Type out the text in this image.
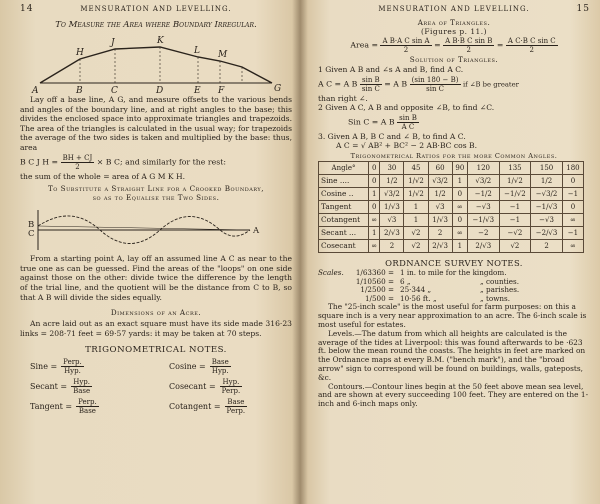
14	MENSURATION AND LEVELLING.

To Measure the Area where Boundary Irregular.

H
J	K
L M
A	B	C	D	E F	G

Lay off a base line, A G, and measure offsets to the various bends and angles of the boundary line, and at right angles to the base; this divides the enclosed space into approximate triangles and trapezoids. The area of the triangles is calculated in the usual way; for trapezoids the average of the two sides is taken and multiplied by the base: thus, area

B C J $H = \frac{BH + CJ}{2} \times B$ C; and similarly for the rest:

the sum of the whole = area of A G M K H.

To Substitute a Straight Line for a Crooked Boundary,

so as to Equalise the Two Sides.

B
C	A

From a starting point A, lay off an assumed line A C as near to the true one as can be guessed. Find the areas of the "loops" on one side against those on the other: divide twice the difference by the length of the trial line, and the quotient will be the distance from C to B, so that A B will divide the sides equally.

Dimensions of an Acre.

An acre laid out as an exact square must have its side made 316·23 links = 208·71 feet = 69·57 yards: it may be taken at 70 steps.

TRIGONOMETRICAL NOTES.

Sine = $\frac{\text{Perp.}}{\text{Hyp.}}$	$Cosine = \frac{\text{Base}}{\text{Hyp.}}$
Secant = $\frac{\text{Hyp.}}{\text{Base}}$	Cosecant = $\frac{\text{Hyp.}}{\text{Perp.}}$
Tangent = $\frac{\text{Perp.}}{\text{Base}}$	Cotangent = $\frac{\text{Base}}{\text{Perp.}}$
MENSURATION AND LEVELLING.	15

Area of Triangles.

(Figures p. 11.)

Area = $\frac{\text{A B·A C sin A}}{2} = \frac{\text{A B·B C sin B}}{2} = \frac{\text{A C·B C sin C}}{2}$

Solution of Triangles.

1 Given A B and ∠s A and B, find A C.

A C = A B $\frac{\text{sin B}}{\text{sin C}} = A$ B $\frac{(\sin 180 - B)}{\text{sin C}}$ if ∠B be greater

than right ∠.

2 Given A C, A B and opposite ∠B, to find ∠C.

Sin C = A B $\frac{\text{sin B}}{\text{A C}}$

3. Given A B, B C and ∠ B, to find A C.

A C = √ AB² + BC² − 2 AB·BC cos B.

Trigonometrical Ratios for the more Common Angles.

Angle°	0	30	45	60	90	120	135	150	180
Sine ....	0	1/2	1/√2	√3/2	1	√3/2	1/√2	1/2	0
Cosine ..	1	√3/2	1/√2	1/2	0	−1/2	−1/√2	−√3/2	−1
Tangent	0	1/√3	1	√3	∞	−√3	−1	−1/√3	0
Cotangent	∞	√3	1	1/√3	0	−1/√3	−1	−√3	∞
Secant ...	1	2/√3	√2	2	∞	−2	−√2	−2/√3	−1
Cosecant	∞	2	√2	2/√3	1	2/√3	√2	2	∞

ORDNANCE SURVEY NOTES.

Scales.	1/63360 = 1 in. to mile for the kingdom.
1/10560 = 6 „	„ counties.
1/2500 = 25·344 „	„ parishes.
1/500 = 10·56 ft. „	„ towns.

The "25-inch scale" is the most useful for farm purposes: on this a square inch is a very near approximation to an acre. The 6-inch scale is most useful for estates.

Levels.—The datum from which all heights are calculated is the average of the tides at Liverpool: this was found afterwards to be ·623 ft. below the mean round the coasts. The heights in feet are marked on the Ordnance maps at every B.M. ("bench mark"), and the "broad arrow" sign to correspond will be found on buildings, walls, gateposts, &c.

Contours.—Contour lines begin at the 50 feet above mean sea level, and are shown at every succeeding 100 feet. They are entered on the 1-inch and 6-inch maps only.
